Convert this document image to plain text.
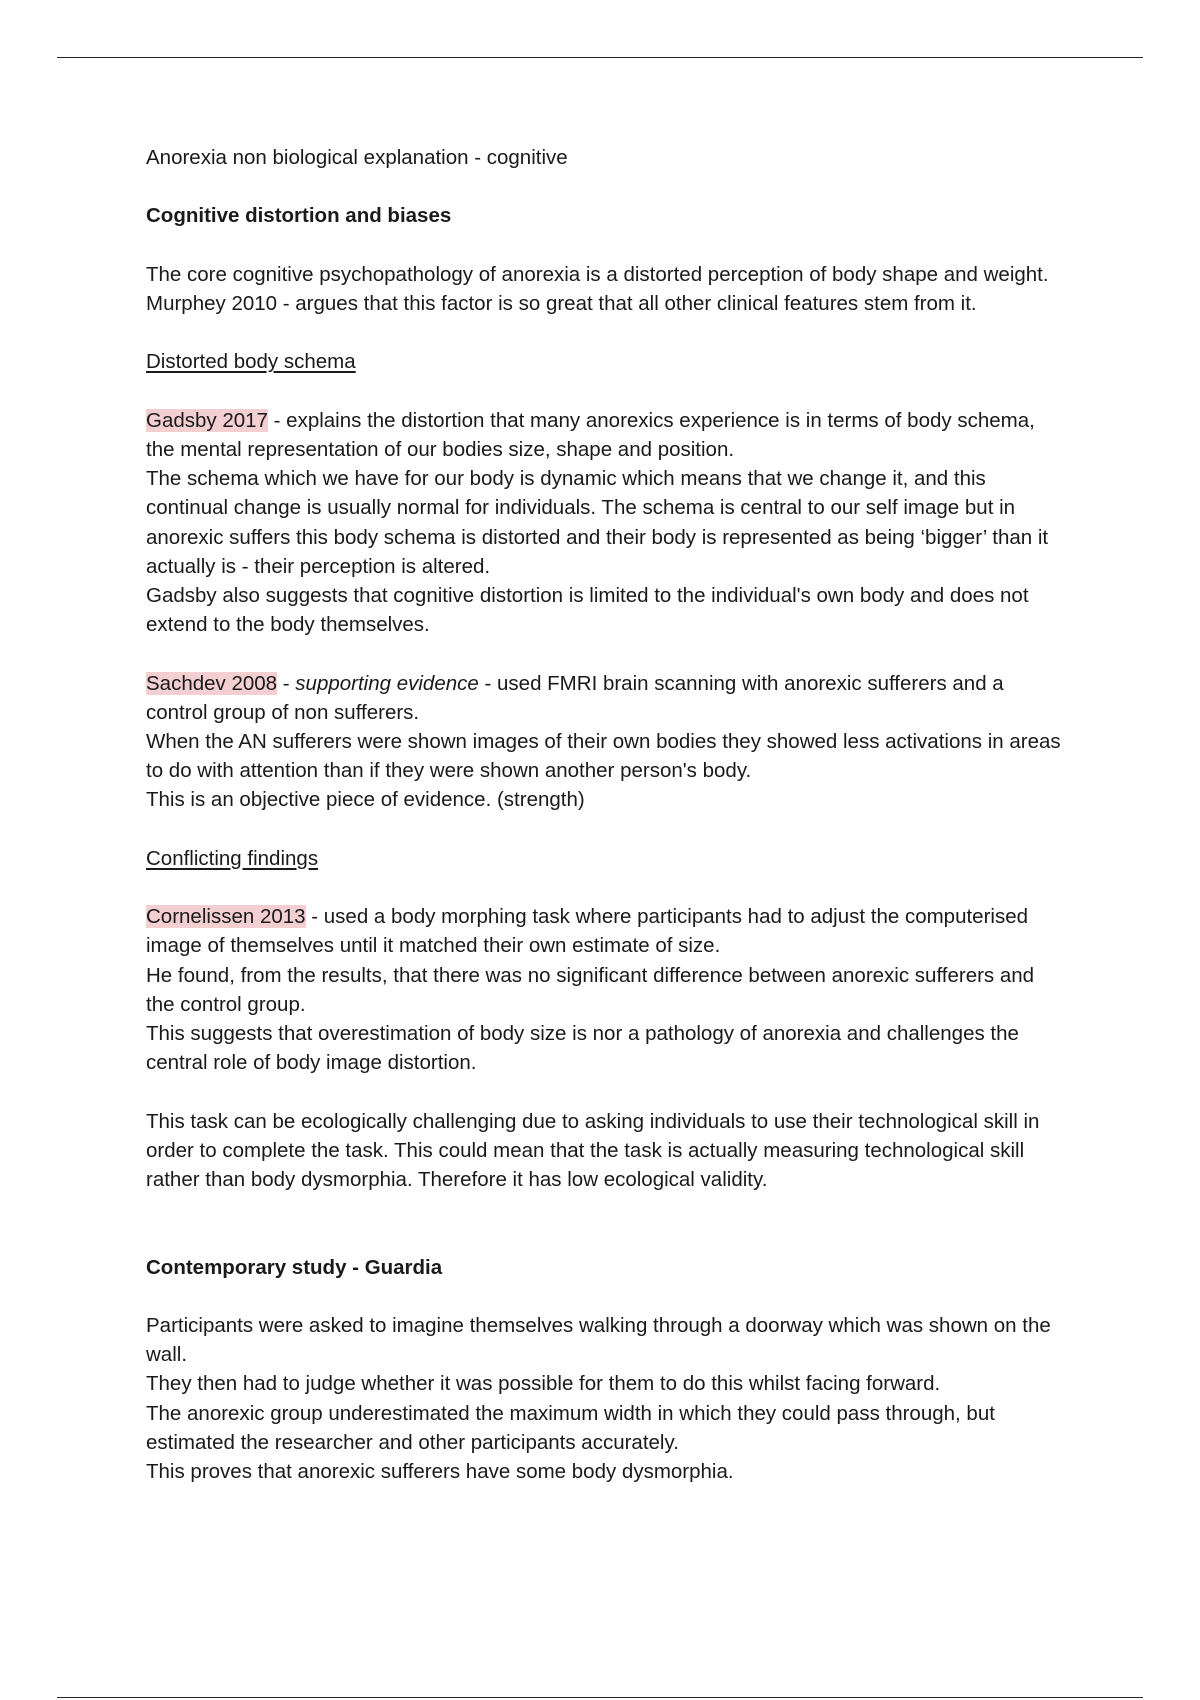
Anorexia non biological explanation - cognitive

Cognitive distortion and biases

The core cognitive psychopathology of anorexia is a distorted perception of body shape and weight.

Murphey 2010 - argues that this factor is so great that all other clinical features stem from it.

Distorted body schema

Gadsby 2017 - explains the distortion that many anorexics experience is in terms of body schema, the mental representation of our bodies size, shape and position.

The schema which we have for our body is dynamic which means that we change it, and this continual change is usually normal for individuals. The schema is central to our self image but in anorexic suffers this body schema is distorted and their body is represented as being ‘bigger’ than it actually is - their perception is altered.

Gadsby also suggests that cognitive distortion is limited to the individual's own body and does not extend to the body themselves.

Sachdev 2008 - supporting evidence - used FMRI brain scanning with anorexic sufferers and a control group of non sufferers.

When the AN sufferers were shown images of their own bodies they showed less activations in areas to do with attention than if they were shown another person's body.

This is an objective piece of evidence. (strength)

Conflicting findings

Cornelissen 2013 - used a body morphing task where participants had to adjust the computerised image of themselves until it matched their own estimate of size.

He found, from the results, that there was no significant difference between anorexic sufferers and the control group.

This suggests that overestimation of body size is nor a pathology of anorexia and challenges the central role of body image distortion.

This task can be ecologically challenging due to asking individuals to use their technological skill in order to complete the task. This could mean that the task is actually measuring technological skill rather than body dysmorphia. Therefore it has low ecological validity.

Contemporary study - Guardia

Participants were asked to imagine themselves walking through a doorway which was shown on the wall.

They then had to judge whether it was possible for them to do this whilst facing forward.

The anorexic group underestimated the maximum width in which they could pass through, but estimated the researcher and other participants accurately.

This proves that anorexic sufferers have some body dysmorphia.
